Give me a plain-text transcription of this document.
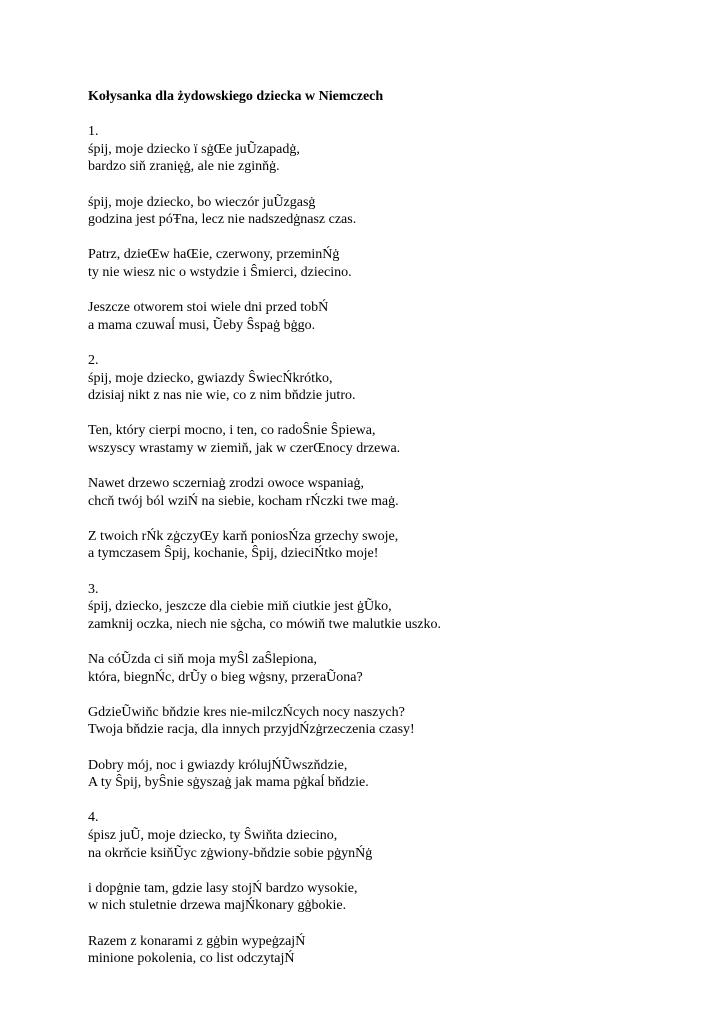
Kołysanka dla żydowskiego dziecka w Niemczech
1.
śpij, moje dziecko ï sġŒe juŨzapadġ,
bardzo siň zranięġ, ale nie zginňġ.
śpij, moje dziecko, bo wieczór juŨzgasġ
godzina jest póŦna, lecz nie nadszedġnasz czas.
Patrz, dzieŒw haŒie, czerwony, przeminŃġ
ty nie wiesz nic o wstydzie i Ŝmierci, dziecino.
Jeszcze otworem stoi wiele dni przed tobŃ
a mama czuwaĺ musi, Ũeby Ŝspaġ bġgo.
2.
śpij, moje dziecko, gwiazdy ŜwiecŃkrótko,
dzisiaj nikt z nas nie wie, co z nim bňdzie jutro.
Ten, który cierpi mocno, i ten, co radoŜnie Ŝpiewa,
wszyscy wrastamy w ziemiň, jak w czerŒnocy drzewa.
Nawet drzewo sczerniaġ zrodzi owoce wspaniaġ,
chcň twój ból wziŃ na siebie, kocham rŃczki twe maġ.
Z twoich rŃk zġczyŒy karň poniosŃza grzechy swoje,
a tymczasem Ŝpij, kochanie, Ŝpij, dzieciŃtko moje!
3.
śpij, dziecko, jeszcze dla ciebie miň ciutkie jest ġŨko,
zamknij oczka, niech nie sġcha, co mówiň twe malutkie uszko.
Na cóŨzda ci siň moja myŜl zaŜlepiona,
która, biegnŃc, drŨy o bieg wġsny, przeraŨona?
GdzieŨwiňc bňdzie kres nie-milczŃcych nocy naszych?
Twoja bňdzie racja, dla innych przyjdŃzġrzeczenia czasy!
Dobry mój, noc i gwiazdy królujŃŨwszňdzie,
A ty Ŝpij, byŜnie sġyszaġ jak mama pġkaĺ bňdzie.
4.
śpisz juŨ, moje dziecko, ty Ŝwiňta dziecino,
na okrňcie ksiňŨyc zġwiony-bňdzie sobie pġynŃġ
i dopġnie tam, gdzie lasy stojŃ bardzo wysokie,
w nich stuletnie drzewa majŃkonary gġbokie.
Razem z konarami z gġbin wypeġzajŃ
minione pokolenia, co list odczytajŃ
